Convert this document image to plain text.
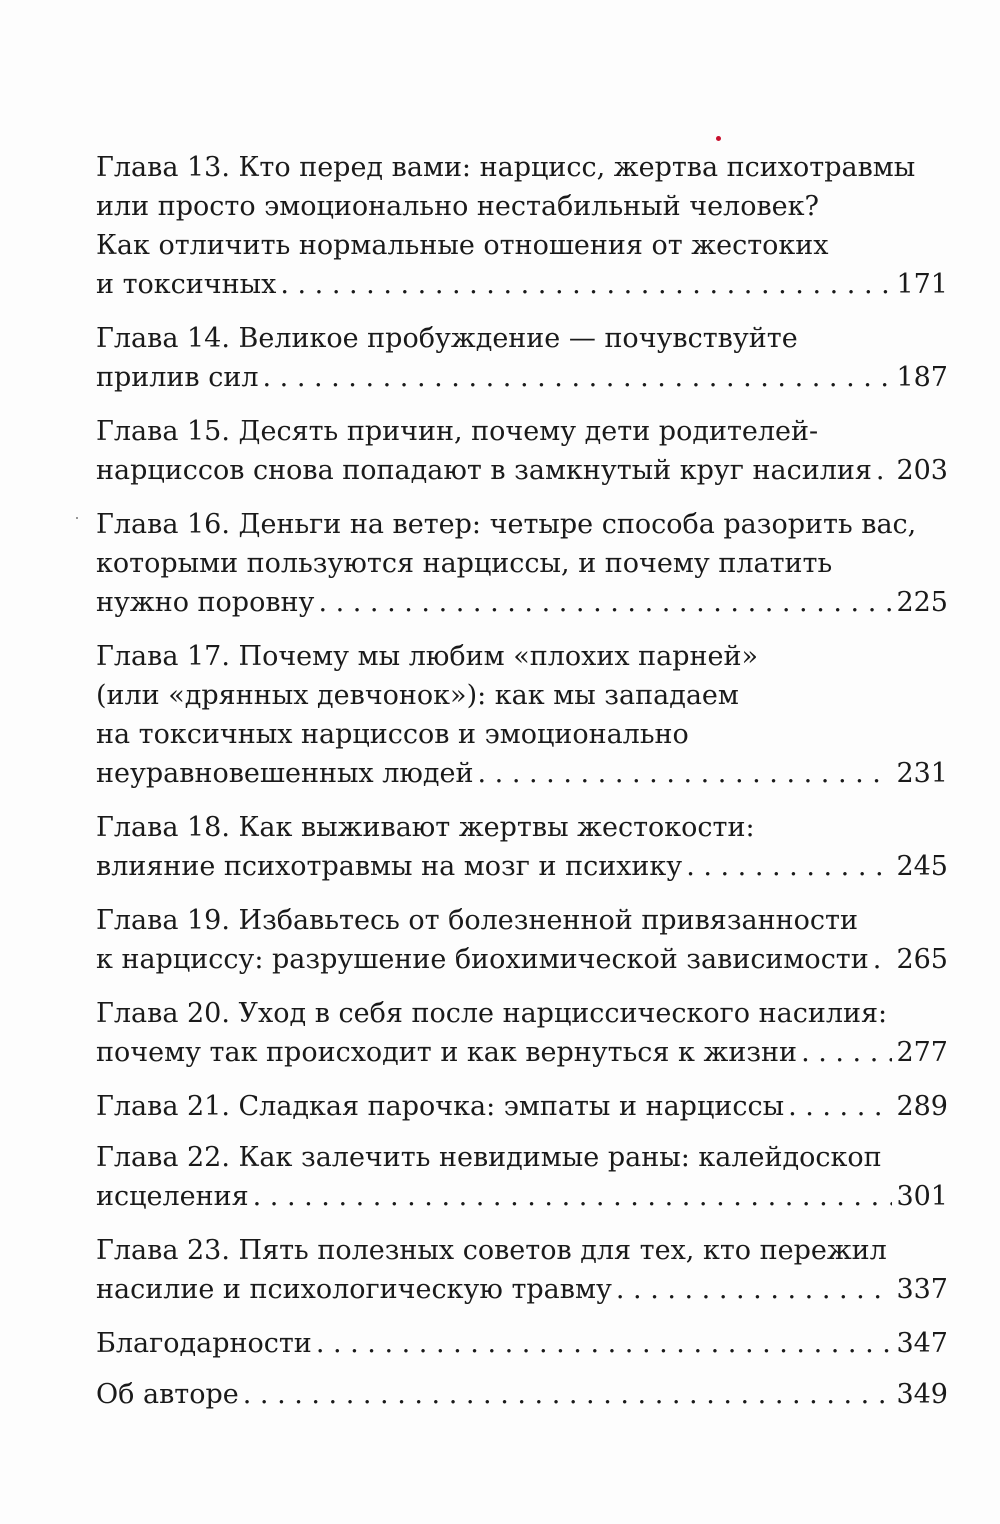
Глава 13. Кто перед вами: нарцисс, жертва психотравмы
или просто эмоционально нестабильный человек?
Как отличить нормальные отношения от жестоких
и токсичных . . .	171
Глава 14. Великое пробуждение — почувствуйте
прилив сил . . .	187
Глава 15. Десять причин, почему дети родителей-
нарциссов снова попадают в замкнутый круг насилия . . . 203
Глава 16. Деньги на ветер: четыре способа разорить вас,
которыми пользуются нарциссы, и почему платить
нужно поровну . . .	225
Глава 17. Почему мы любим «плохих парней»
(или «дрянных девчонок»): как мы западаем
на токсичных нарциссов и эмоционально
неуравновешенных людей . . .	231
Глава 18. Как выживают жертвы жестокости:
влияние психотравмы на мозг и психику . . .	245
Глава 19. Избавьтесь от болезненной привязанности
к нарциссу: разрушение биохимической зависимости . . . 265
Глава 20. Уход в себя после нарциссического насилия:
почему так происходит и как вернуться к жизни . . .	277
Глава 21. Сладкая парочка: эмпаты и нарциссы . . .	289
Глава 22. Как залечить невидимые раны: калейдоскоп
исцеления . . .	301
Глава 23. Пять полезных советов для тех, кто пережил
насилие и психологическую травму . . .	337
Благодарности . . .	347
Об авторе . . .	349
